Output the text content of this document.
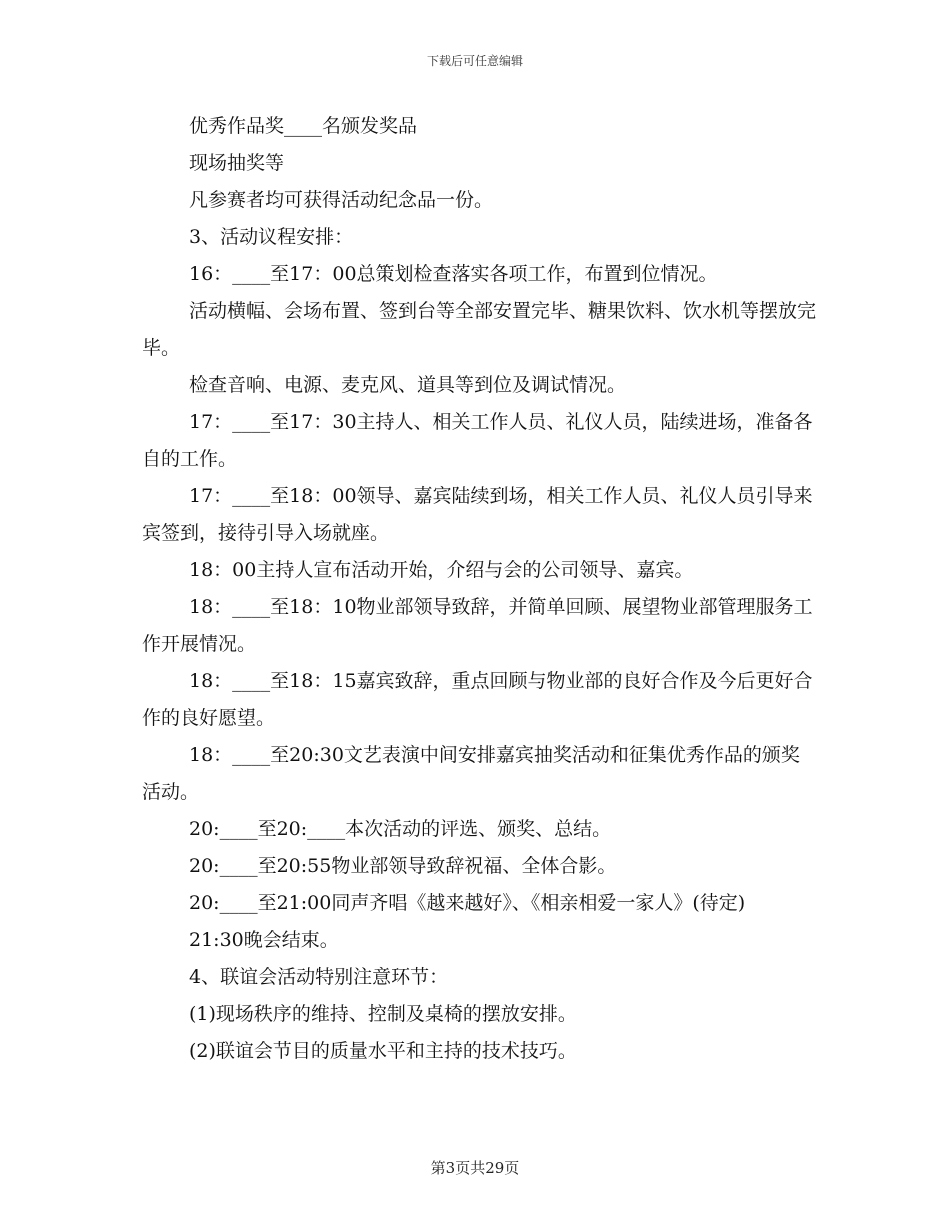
下载后可任意编辑

优秀作品奖____名颁发奖品

现场抽奖等

凡参赛者均可获得活动纪念品一份。

3、活动议程安排：

16：____至17：00总策划检查落实各项工作，布置到位情况。

活动横幅、会场布置、签到台等全部安置完毕、糖果饮料、饮水机等摆放完毕。

检查音响、电源、麦克风、道具等到位及调试情况。

17：____至17：30主持人、相关工作人员、礼仪人员，陆续进场，准备各自的工作。

17：____至18：00领导、嘉宾陆续到场，相关工作人员、礼仪人员引导来宾签到，接待引导入场就座。

18：00主持人宣布活动开始，介绍与会的公司领导、嘉宾。

18：____至18：10物业部领导致辞，并简单回顾、展望物业部管理服务工作开展情况。

18：____至18：15嘉宾致辞，重点回顾与物业部的良好合作及今后更好合作的良好愿望。

18：____至20:30文艺表演中间安排嘉宾抽奖活动和征集优秀作品的颁奖活动。

20:____至20:____本次活动的评选、颁奖、总结。

20:____至20:55物业部领导致辞祝福、全体合影。

20:____至21:00同声齐唱《越来越好》、《相亲相爱一家人》(待定)

21:30晚会结束。

4、联谊会活动特别注意环节：

(1)现场秩序的维持、控制及桌椅的摆放安排。

(2)联谊会节目的质量水平和主持的技术技巧。

第3页共29页
